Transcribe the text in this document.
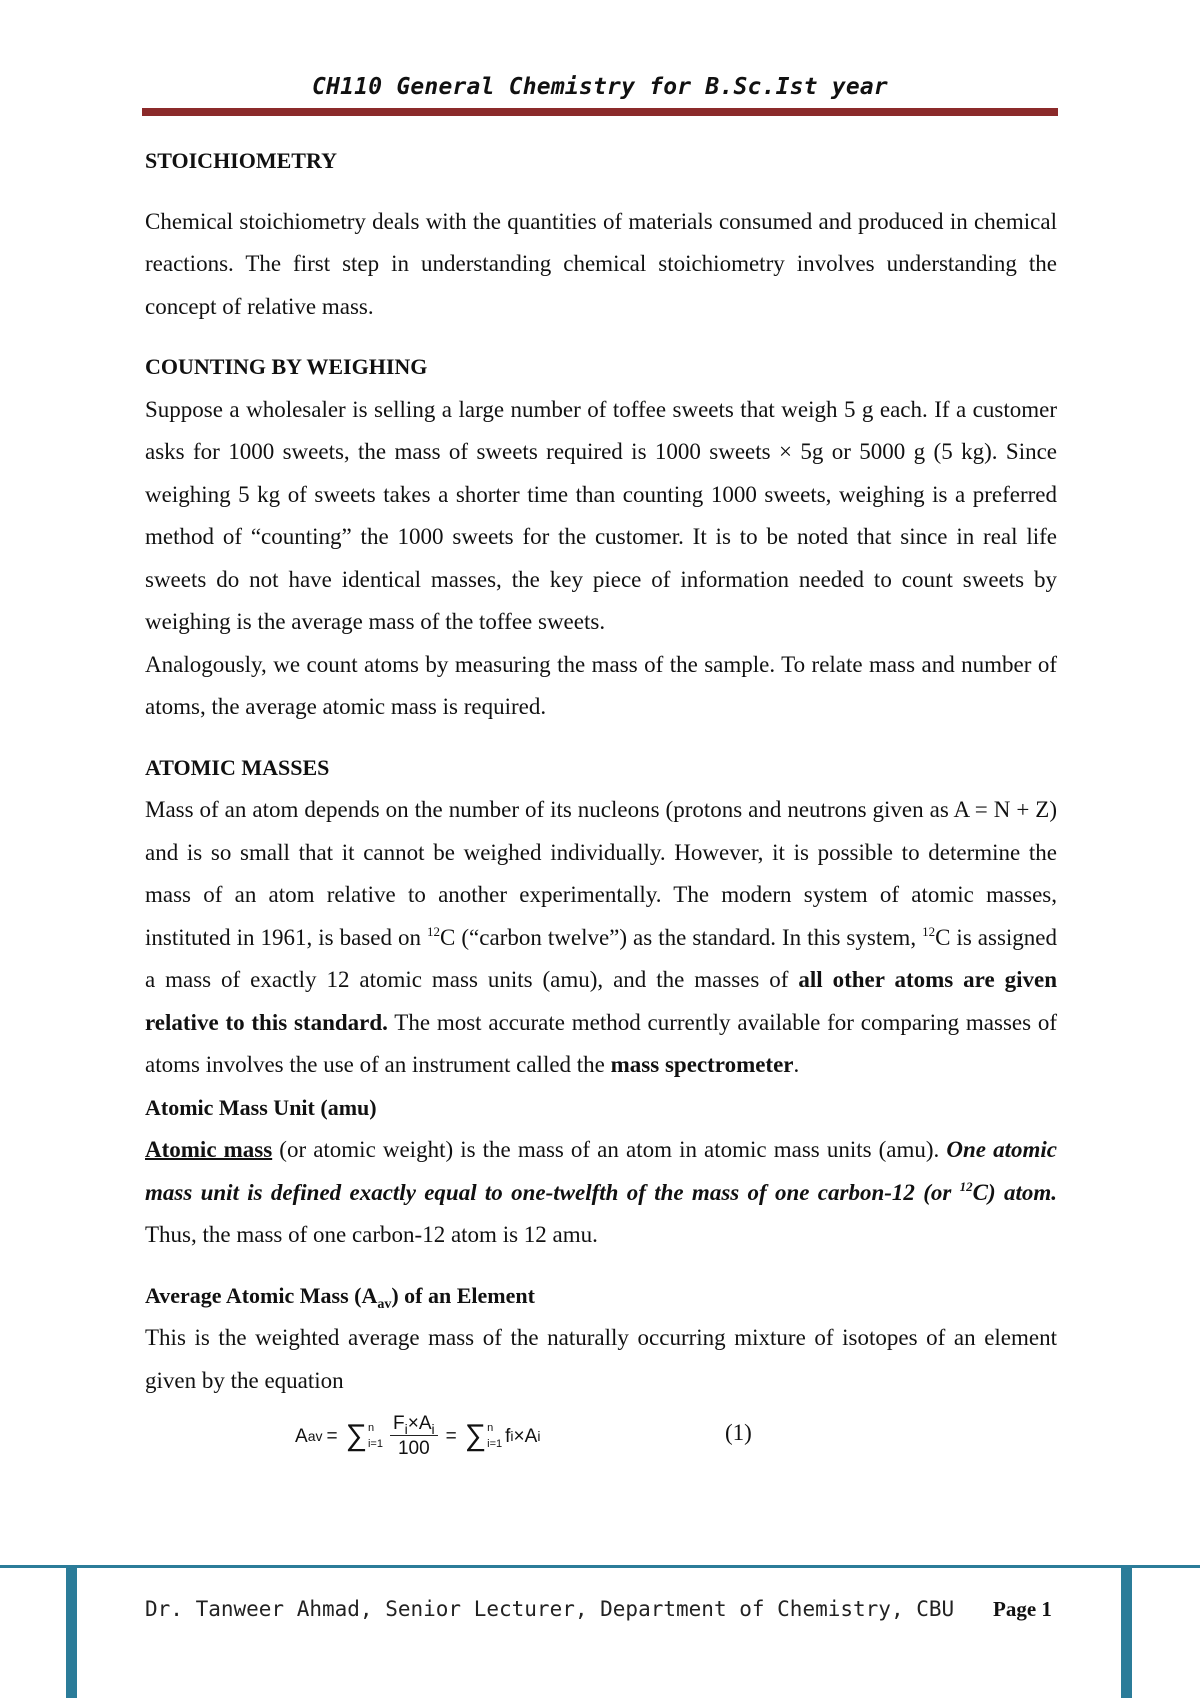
CH110 General Chemistry for B.Sc.Ist year

STOICHIOMETRY

Chemical stoichiometry deals with the quantities of materials consumed and produced in chemical reactions. The first step in understanding chemical stoichiometry involves understanding the concept of relative mass.

COUNTING BY WEIGHING

Suppose a wholesaler is selling a large number of toffee sweets that weigh 5 g each. If a customer asks for 1000 sweets, the mass of sweets required is 1000 sweets × 5g or 5000 g (5 kg). Since weighing 5 kg of sweets takes a shorter time than counting 1000 sweets, weighing is a preferred method of “counting” the 1000 sweets for the customer. It is to be noted that since in real life sweets do not have identical masses, the key piece of information needed to count sweets by weighing is the average mass of the toffee sweets.

Analogously, we count atoms by measuring the mass of the sample. To relate mass and number of atoms, the average atomic mass is required.

ATOMIC MASSES

Mass of an atom depends on the number of its nucleons (protons and neutrons given as A = N + Z) and is so small that it cannot be weighed individually. However, it is possible to determine the mass of an atom relative to another experimentally. The modern system of atomic masses, instituted in 1961, is based on $^{12}$C (“carbon twelve”) as the standard. In this system, $^{12}$C is assigned a mass of exactly 12 atomic mass units (amu), and the masses of all other atoms are given relative to this standard. The most accurate method currently available for comparing masses of atoms involves the use of an instrument called the mass spectrometer.

Atomic Mass Unit (amu)

Atomic mass (or atomic weight) is the mass of an atom in atomic mass units (amu). One atomic mass unit is defined exactly equal to one-twelfth of the mass of one carbon-12 (or $^{12}$C) atom. Thus, the mass of one carbon-12 atom is 12 amu.

Average Atomic Mass $(A_{av})$ of an Element

This is the weighted average mass of the naturally occurring mixture of isotopes of an element given by the equation

A av = ∑ n
$i=1 \frac{F_i\times A_i}{100}$ = ∑ n
i=1 f i × A i	(1)
Dr. Tanweer Ahmad, Senior Lecturer, Department of Chemistry, CBU Page 1
